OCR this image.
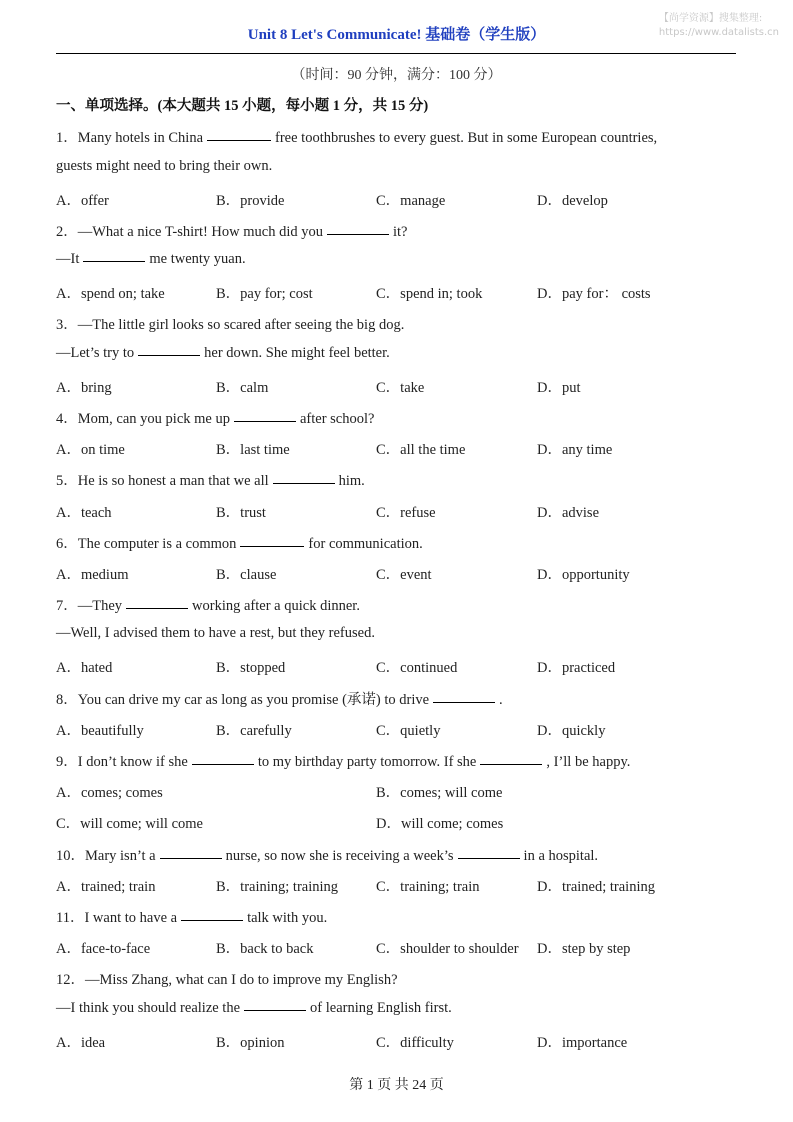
【尚学资源】搜集整理:
https://www.datalists.cn
Unit 8 Let's Communicate! 基础卷（学生版）
（时间：90 分钟，满分：100 分）
一、单项选择。(本大题共 15 小题，每小题 1 分，共 15 分)
1．Many hotels in China	free toothbrushes to every guest. But in some European countries,
guests might need to bring their own.
A．offer	B．provide	C．manage	D．develop
2．—What a nice T-shirt! How much did you	it?
—It	me twenty yuan.
A．spend on; take	B．pay for; cost	C．spend in; took	D．pay for： costs
3．—The little girl looks so scared after seeing the big dog.
—Let’s try to	her down. She might feel better.
A．bring	B．calm	C．take	D．put
4．Mom, can you pick me up	after school?
A．on time	B．last time	C．all the time	D．any time
5．He is so honest a man that we all	him.
A．teach	B．trust	C．refuse	D．advise
6．The computer is a common	for communication.
A．medium	B．clause	C．event	D．opportunity
7．—They	working after a quick dinner.
—Well, I advised them to have a rest, but they refused.
A．hated	B．stopped	C．continued	D．practiced
8．You can drive my car as long as you promise (承诺) to drive	.
A．beautifully	B．carefully	C．quietly	D．quickly
9．I don’t know if she	to my birthday party tomorrow. If she	, I’ll be happy.
A．comes; comes	B．comes; will come
C．will come; will come	D．will come; comes
10．Mary isn’t a	nurse, so now she is receiving a week’s	in a hospital.
A．trained; train	B．training; training	C．training; train	D．trained; training
11．I want to have a	talk with you.
A．face-to-face	B．back to back	C．shoulder to shoulder D．step by step
12．—Miss Zhang, what can I do to improve my English?
—I think you should realize the	of learning English first.
A．idea	B．opinion	C．difficulty	D．importance
第 1 页 共 24 页
